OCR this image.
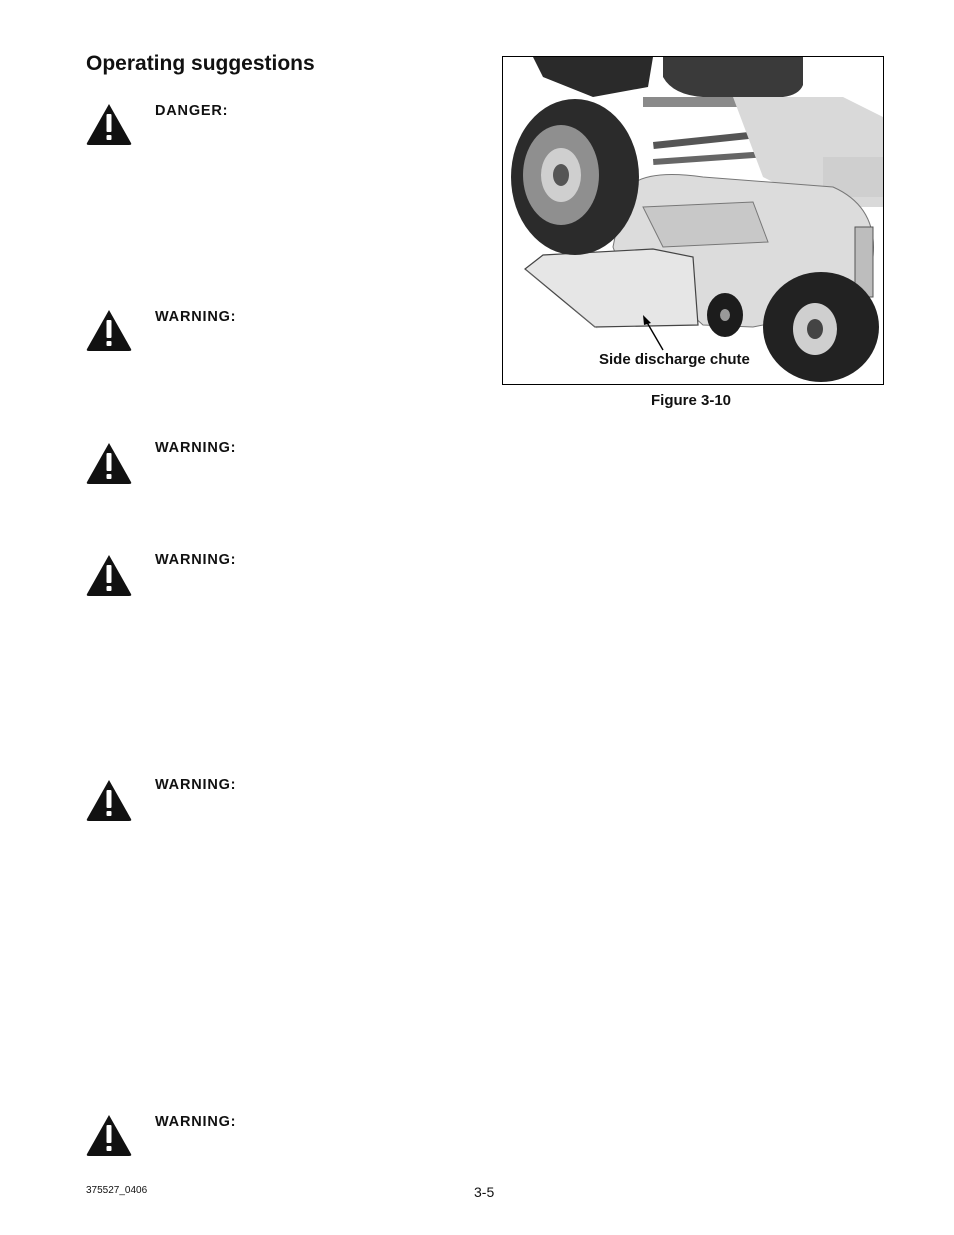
Operating suggestions
DANGER:
WARNING:
WARNING:
WARNING:
WARNING:
WARNING:
Side discharge chute
Figure 3-10
375527_0406	3-5
